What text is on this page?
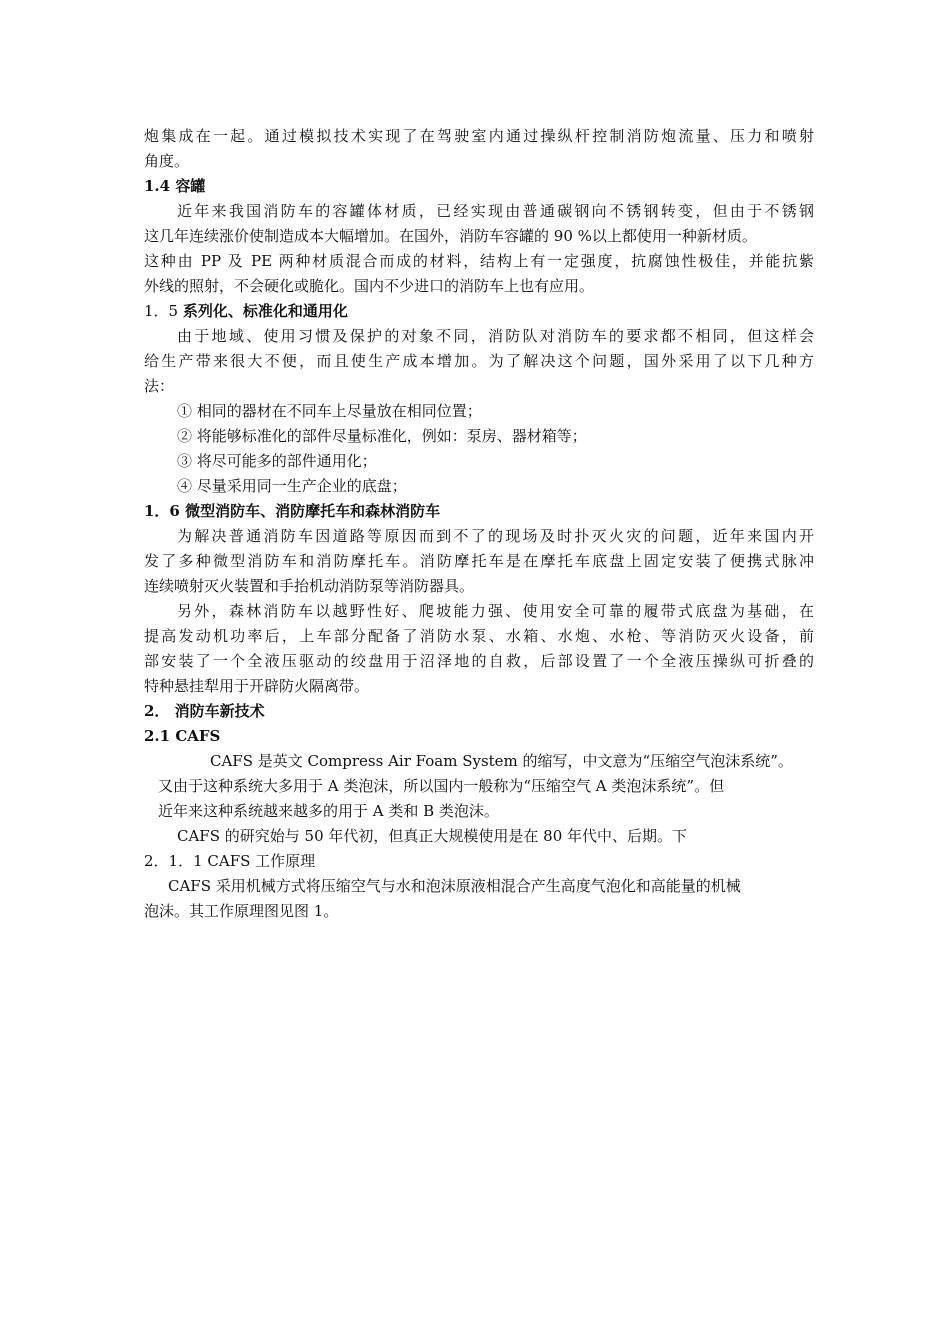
炮集成在一起。通过模拟技术实现了在驾驶室内通过操纵杆控制消防炮流量、压力和喷射
角度。
1.4 容罐
近年来我国消防车的容罐体材质，已经实现由普通碳钢向不锈钢转变，但由于不锈钢
这几年连续涨价使制造成本大幅增加。在国外，消防车容罐的 90 %以上都使用一种新材质。
这种由 PP 及 PE 两种材质混合而成的材料，结构上有一定强度，抗腐蚀性极佳，并能抗紫
外线的照射，不会硬化或脆化。国内不少进口的消防车上也有应用。
1．5 系列化、标准化和通用化
由于地域、使用习惯及保护的对象不同，消防队对消防车的要求都不相同，但这样会
给生产带来很大不便，而且使生产成本增加。为了解决这个问题，国外采用了以下几种方
法：
① 相同的器材在不同车上尽量放在相同位置；
② 将能够标准化的部件尽量标准化，例如：泵房、器材箱等；
③ 将尽可能多的部件通用化；
④ 尽量采用同一生产企业的底盘；
1．6 微型消防车、消防摩托车和森林消防车
为解决普通消防车因道路等原因而到不了的现场及时扑灭火灾的问题，近年来国内开
发了多种微型消防车和消防摩托车。消防摩托车是在摩托车底盘上固定安装了便携式脉冲
连续喷射灭火装置和手抬机动消防泵等消防器具。
另外，森林消防车以越野性好、爬坡能力强、使用安全可靠的履带式底盘为基础，在
提高发动机功率后，上车部分配备了消防水泵、水箱、水炮、水枪、等消防灭火设备，前
部安装了一个全液压驱动的绞盘用于沼泽地的自救，后部设置了一个全液压操纵可折叠的
特种悬挂犁用于开辟防火隔离带。
2． 消防车新技术
2.1 CAFS
CAFS 是英文 Compress Air Foam System 的缩写，中文意为“压缩空气泡沫系统”。
又由于这种系统大多用于 A 类泡沫，所以国内一般称为“压缩空气 A 类泡沫系统”。但
近年来这种系统越来越多的用于 A 类和 B 类泡沫。
CAFS 的研究始与 50 年代初，但真正大规模使用是在 80 年代中、后期。下
2．1．1 CAFS 工作原理
CAFS 采用机械方式将压缩空气与水和泡沫原液相混合产生高度气泡化和高能量的机械
泡沫。其工作原理图见图 1。
